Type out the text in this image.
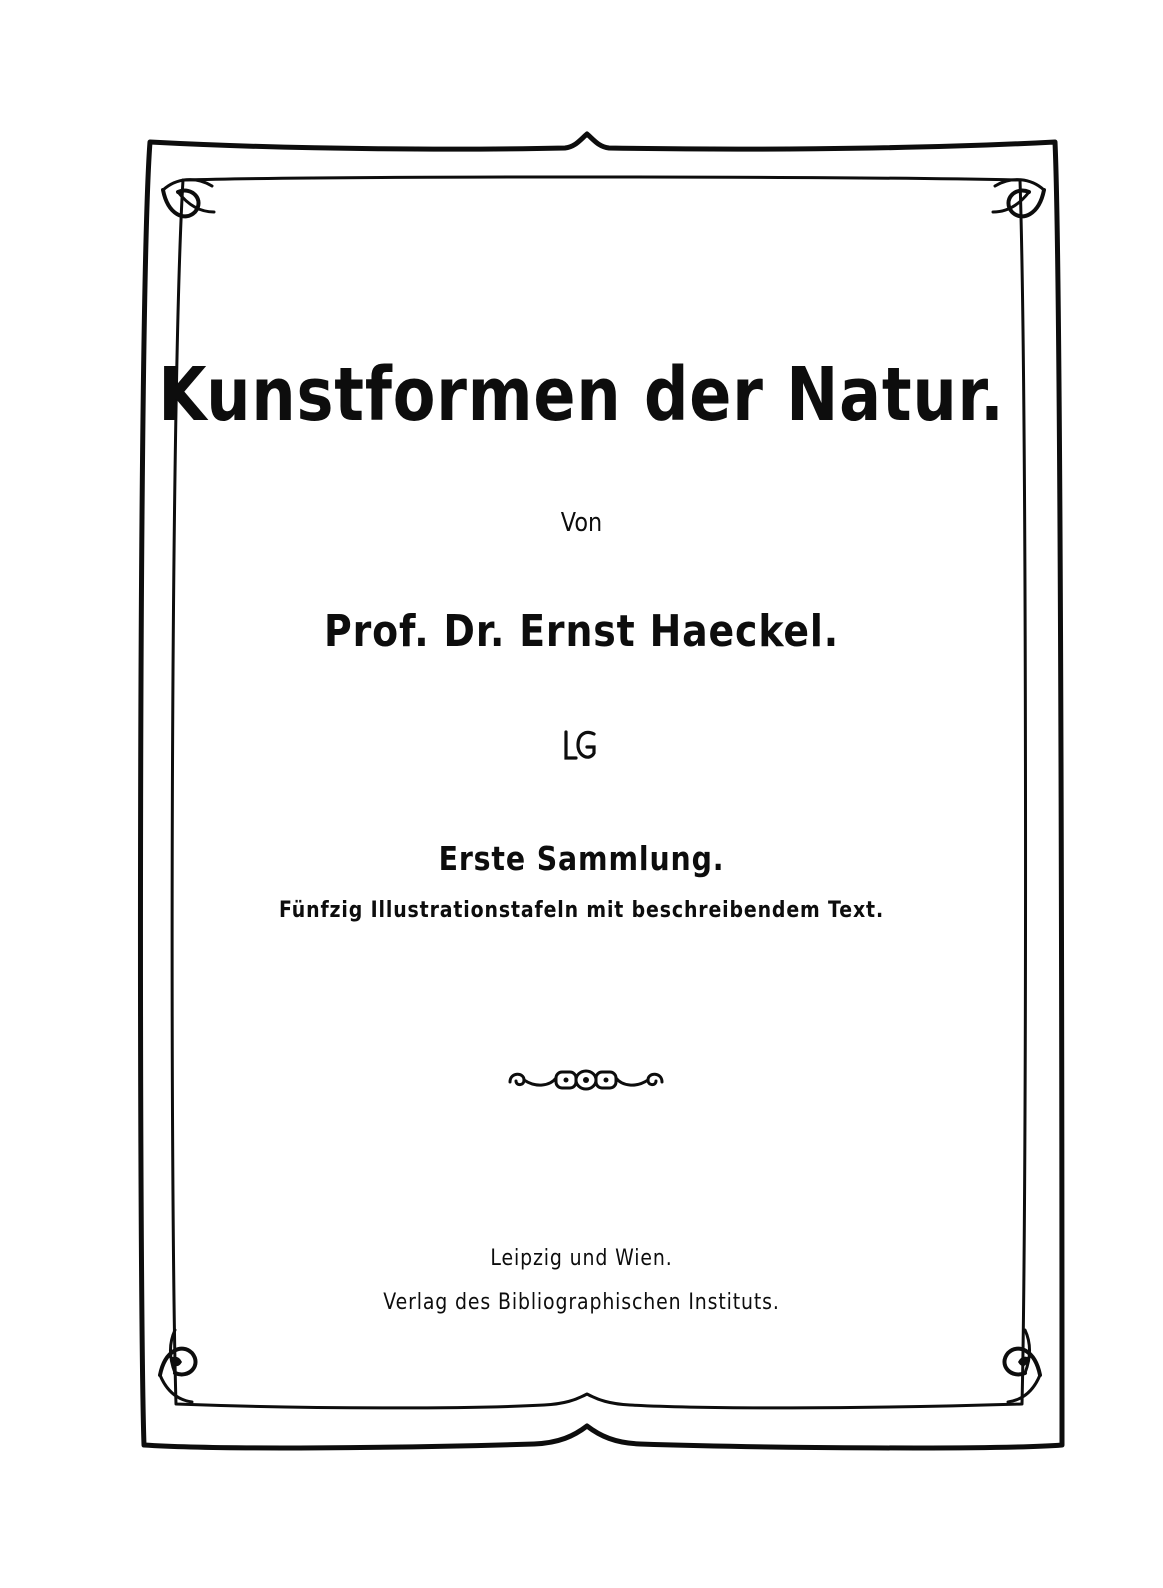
Kunstformen der Natur.
Von
Prof. Dr. Ernst Haeckel.
Erste Sammlung.
Fünfzig Illustrationstafeln mit beschreibendem Text.
Leipzig und Wien.
Verlag des Bibliographischen Instituts.
